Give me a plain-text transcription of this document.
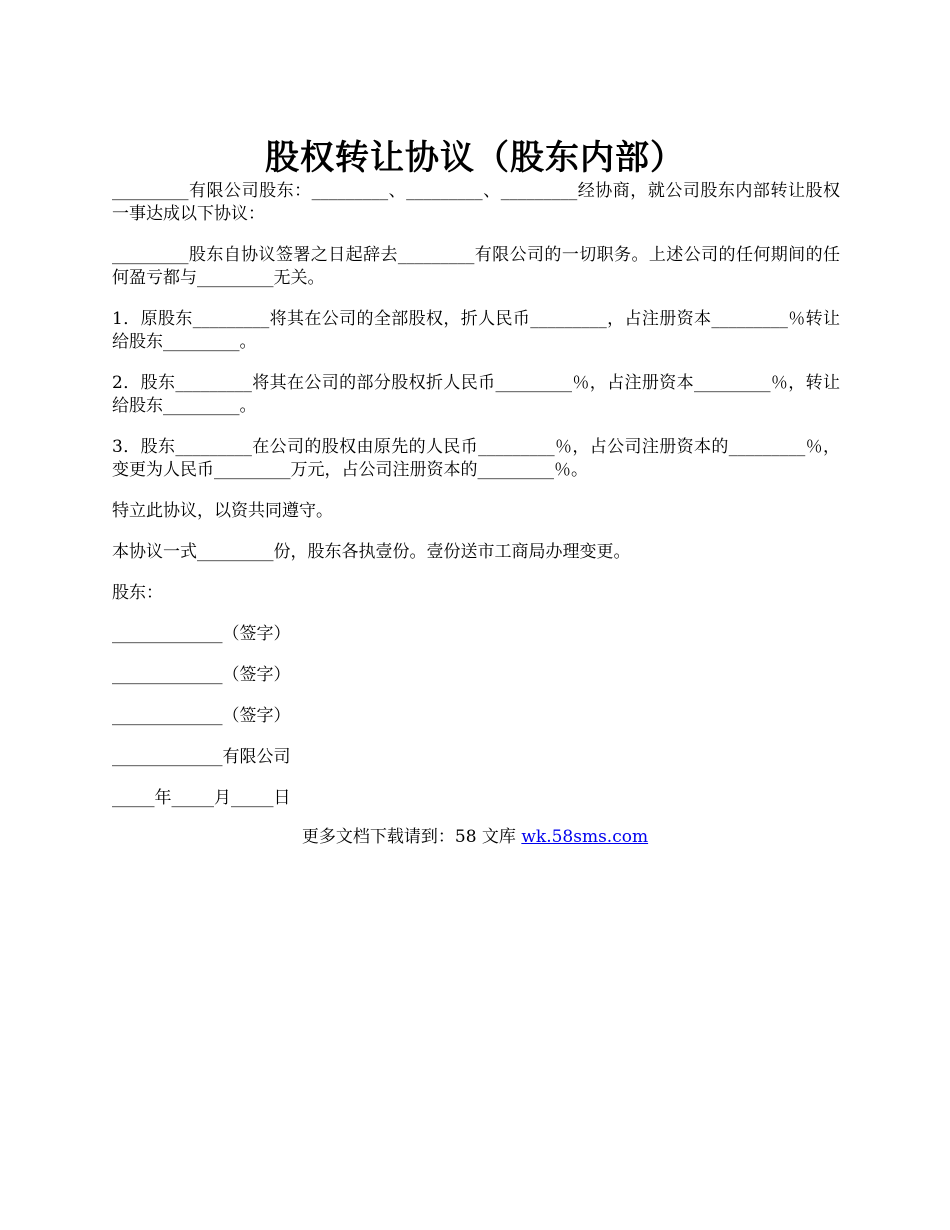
股权转让协议（股东内部）

_________有限公司股东：_________、_________、_________经协商，就公司股东内部转让股权一事达成以下协议：

_________股东自协议签署之日起辞去_________有限公司的一切职务。上述公司的任何期间的任何盈亏都与_________无关。

1．原股东_________将其在公司的全部股权，折人民币_________，占注册资本_________％转让给股东_________。

2．股东_________将其在公司的部分股权折人民币_________％，占注册资本_________％，转让给股东_________。

3．股东_________在公司的股权由原先的人民币_________％，占公司注册资本的_________％，变更为人民币_________万元，占公司注册资本的_________％。

特立此协议，以资共同遵守。

本协议一式_________份，股东各执壹份。壹份送市工商局办理变更。

股东：

_____________（签字）

_____________（签字）

_____________（签字）

_____________有限公司

_____年_____月_____日

更多文档下载请到：58 文库 wk.58sms.com
